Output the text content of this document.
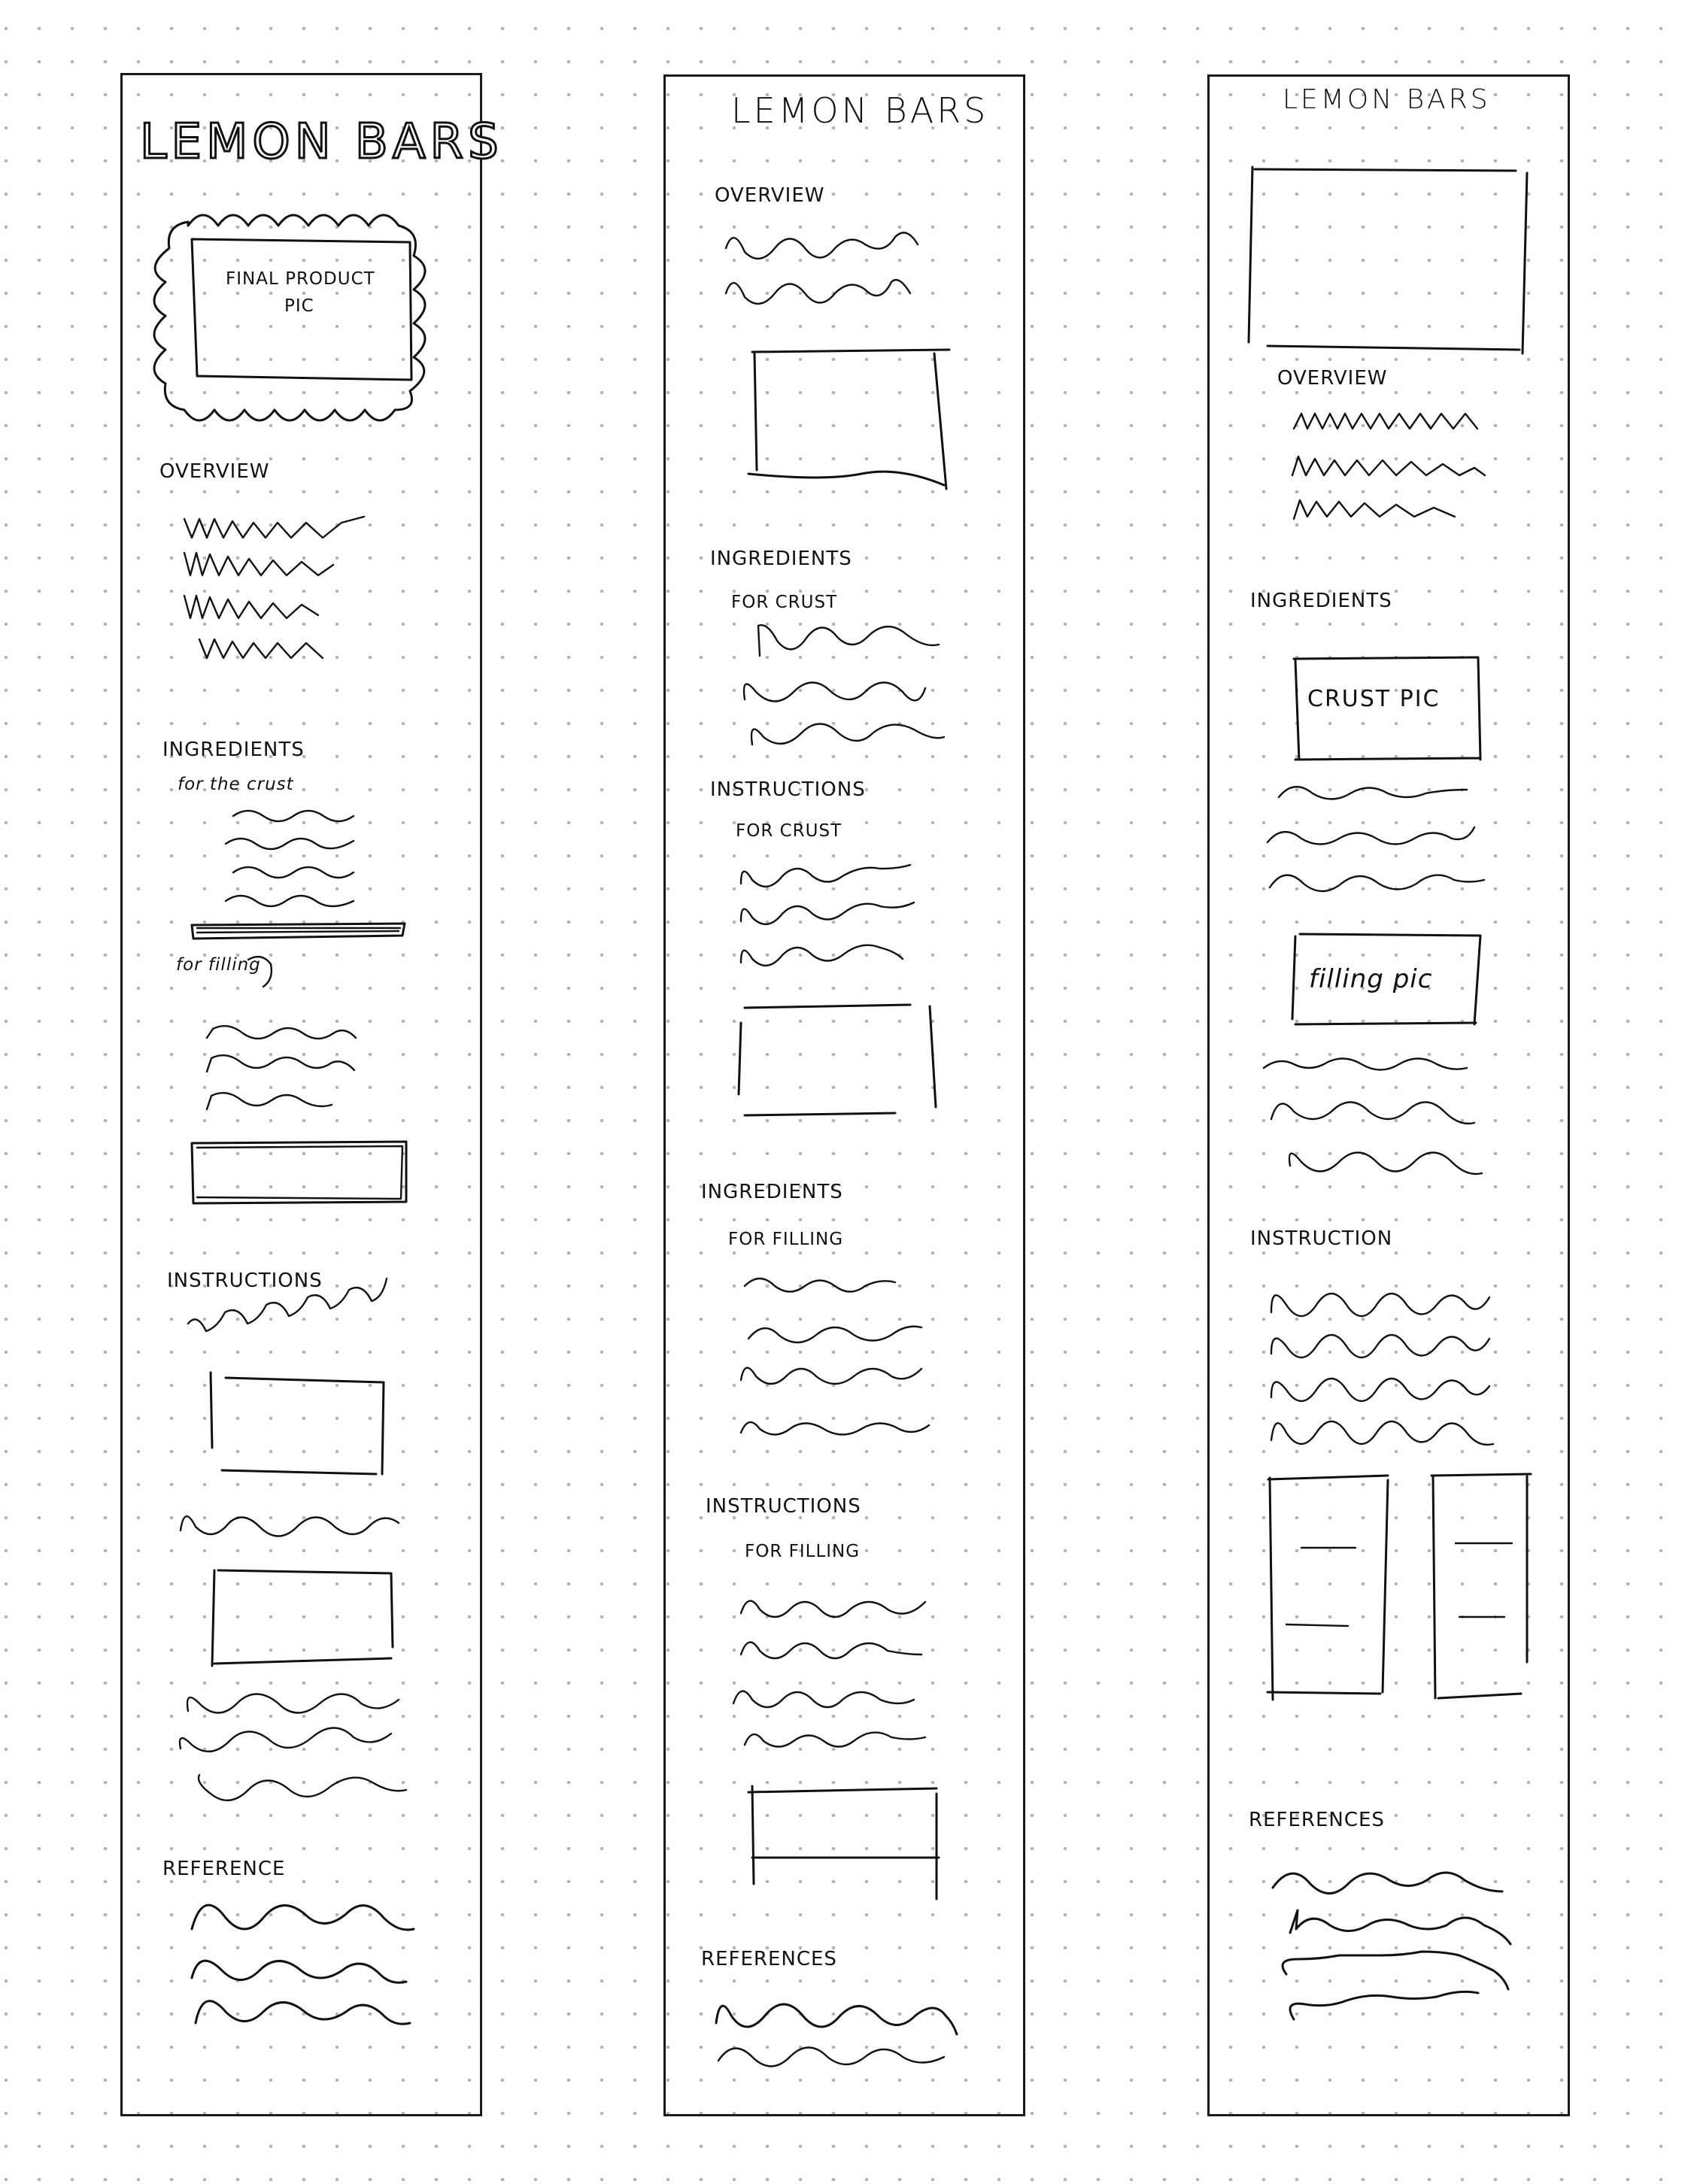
LEMON BARS
FINAL PRODUCT
PIC
OVERVIEW
INGREDIENTS
for the crust
for filling
INSTRUCTIONS
REFERENCE
LEMON BARS
OVERVIEW
INGREDIENTS
FOR CRUST
INSTRUCTIONS
FOR CRUST
INGREDIENTS
FOR FILLING
INSTRUCTIONS
FOR FILLING
REFERENCES
LEMON BARS
OVERVIEW
INGREDIENTS
CRUST PIC
filling pic
INSTRUCTION
REFERENCES
